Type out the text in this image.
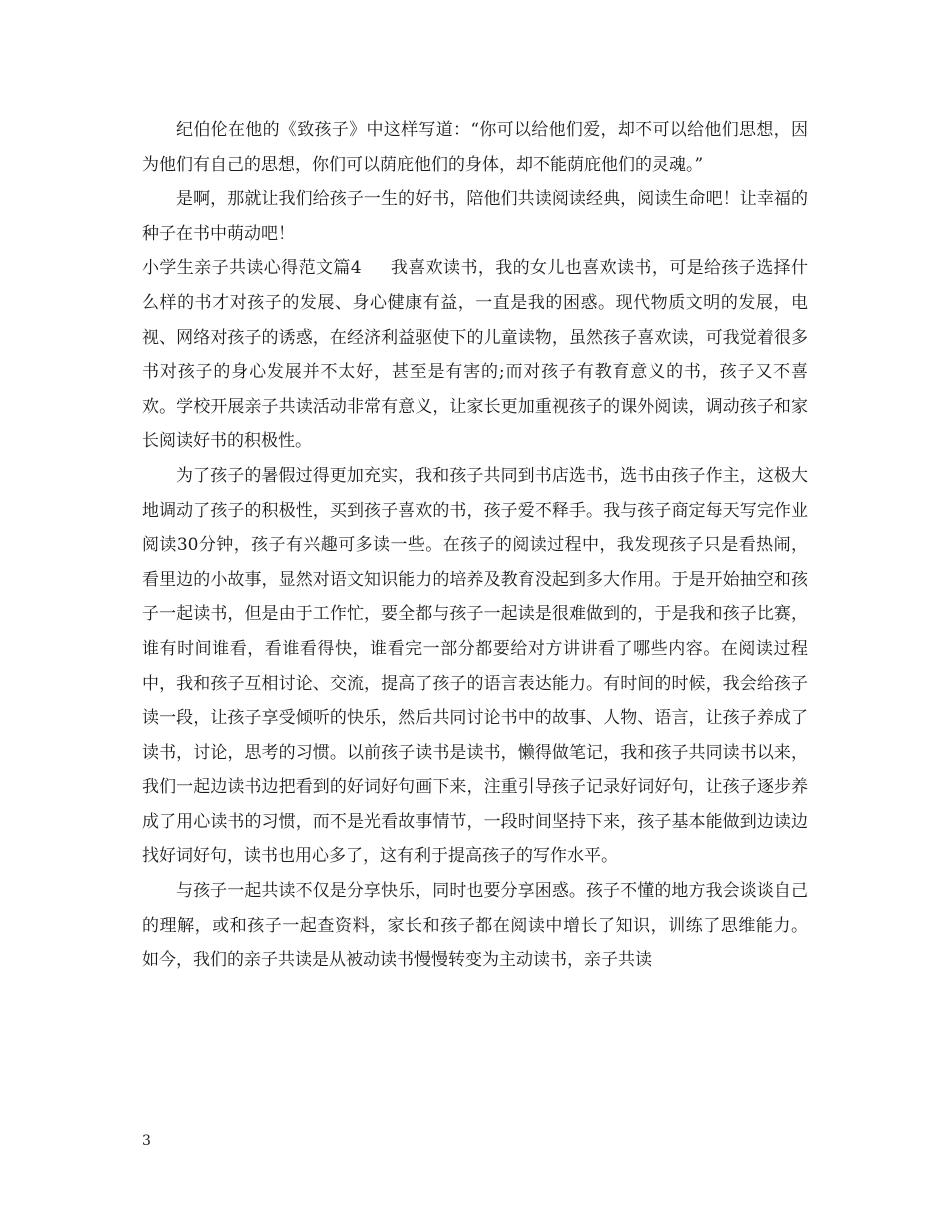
纪伯伦在他的《致孩子》中这样写道：“你可以给他们爱，却不可以给他们思想，因为他们有自己的思想，你们可以荫庇他们的身体，却不能荫庇他们的灵魂。”

是啊，那就让我们给孩子一生的好书，陪他们共读阅读经典，阅读生命吧！让幸福的种子在书中萌动吧！

小学生亲子共读心得范文篇4 我喜欢读书，我的女儿也喜欢读书，可是给孩子选择什么样的书才对孩子的发展、身心健康有益，一直是我的困惑。现代物质文明的发展，电视、网络对孩子的诱惑，在经济利益驱使下的儿童读物，虽然孩子喜欢读，可我觉着很多书对孩子的身心发展并不太好，甚至是有害的;而对孩子有教育意义的书，孩子又不喜欢。学校开展亲子共读活动非常有意义，让家长更加重视孩子的课外阅读，调动孩子和家长阅读好书的积极性。

为了孩子的暑假过得更加充实，我和孩子共同到书店选书，选书由孩子作主，这极大地调动了孩子的积极性，买到孩子喜欢的书，孩子爱不释手。我与孩子商定每天写完作业阅读30分钟，孩子有兴趣可多读一些。在孩子的阅读过程中，我发现孩子只是看热闹，看里边的小故事，显然对语文知识能力的培养及教育没起到多大作用。于是开始抽空和孩子一起读书，但是由于工作忙，要全都与孩子一起读是很难做到的，于是我和孩子比赛，谁有时间谁看，看谁看得快，谁看完一部分都要给对方讲讲看了哪些内容。在阅读过程中，我和孩子互相讨论、交流，提高了孩子的语言表达能力。有时间的时候，我会给孩子读一段，让孩子享受倾听的快乐，然后共同讨论书中的故事、人物、语言，让孩子养成了读书，讨论，思考的习惯。以前孩子读书是读书，懒得做笔记，我和孩子共同读书以来，我们一起边读书边把看到的好词好句画下来，注重引导孩子记录好词好句，让孩子逐步养成了用心读书的习惯，而不是光看故事情节，一段时间坚持下来，孩子基本能做到边读边找好词好句，读书也用心多了，这有利于提高孩子的写作水平。

与孩子一起共读不仅是分享快乐，同时也要分享困惑。孩子不懂的地方我会谈谈自己的理解，或和孩子一起查资料，家长和孩子都在阅读中增长了知识，训练了思维能力。 如今，我们的亲子共读是从被动读书慢慢转变为主动读书，亲子共读

3
